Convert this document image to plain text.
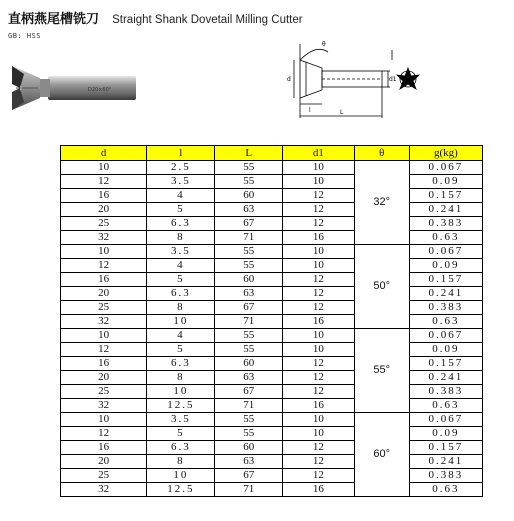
直柄燕尾槽铣刀 Straight Shank Dovetail Milling Cutter
GB: HSS
D20×60°
θ
d
l	L
d1
d	l	L	d1	θ	g(kg)
10	2.5	55	10	32°	0.067
12	3.5	55	10		0.09
16	4	60	12		0.157
20	5	63	12		0.241
25	6.3	67	12		0.383
32	8	71	16		0.63
10	3.5	55	10	50°	0.067
12	4	55	10		0.09
16	5	60	12		0.157
20	6.3	63	12		0.241
25	8	67	12		0.383
32	10	71	16		0.63
10	4	55	10	55°	0.067
12	5	55	10		0.09
16	6.3	60	12		0.157
20	8	63	12		0.241
25	10	67	12		0.383
32	12.5	71	16		0.63
10	3.5	55	10	60°	0.067
12	5	55	10		0.09
16	6.3	60	12		0.157
20	8	63	12		0.241
25	10	67	12		0.383
32	12.5	71	16		0.63
